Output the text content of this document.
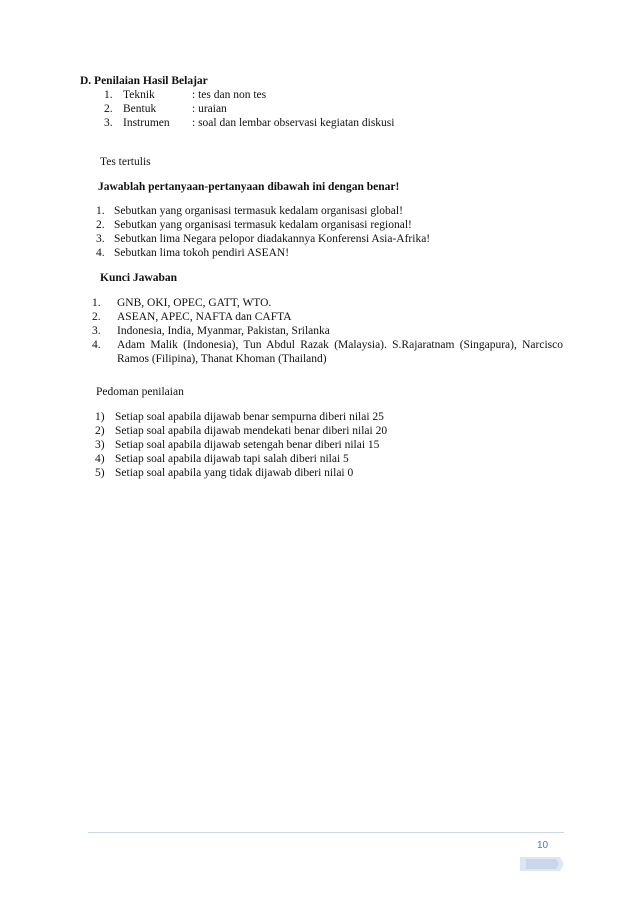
D. Penilaian Hasil Belajar
1. Teknik	: tes dan non tes
2. Bentuk	: uraian
3. Instrumen : soal dan lembar observasi kegiatan diskusi
Tes tertulis
Jawablah pertanyaan-pertanyaan dibawah ini dengan benar!
1. Sebutkan yang organisasi termasuk kedalam organisasi global!
2. Sebutkan yang organisasi termasuk kedalam organisasi regional!
3. Sebutkan lima Negara pelopor diadakannya Konferensi Asia-Afrika!
4. Sebutkan lima tokoh pendiri ASEAN!
Kunci Jawaban
1. GNB, OKI, OPEC, GATT, WTO.
2. ASEAN, APEC, NAFTA dan CAFTA
3. Indonesia, India, Myanmar, Pakistan, Srilanka
4. Adam Malik (Indonesia), Tun Abdul Razak (Malaysia). S.Rajaratnam (Singapura), Narcisco
Ramos (Filipina), Thanat Khoman (Thailand)
Pedoman penilaian
1) Setiap soal apabila dijawab benar sempurna diberi nilai 25
2) Setiap soal apabila dijawab mendekati benar diberi nilai 20
3) Setiap soal apabila dijawab setengah benar diberi nilai 15
4) Setiap soal apabila dijawab tapi salah diberi nilai 5
5) Setiap soal apabila yang tidak dijawab diberi nilai 0
10
